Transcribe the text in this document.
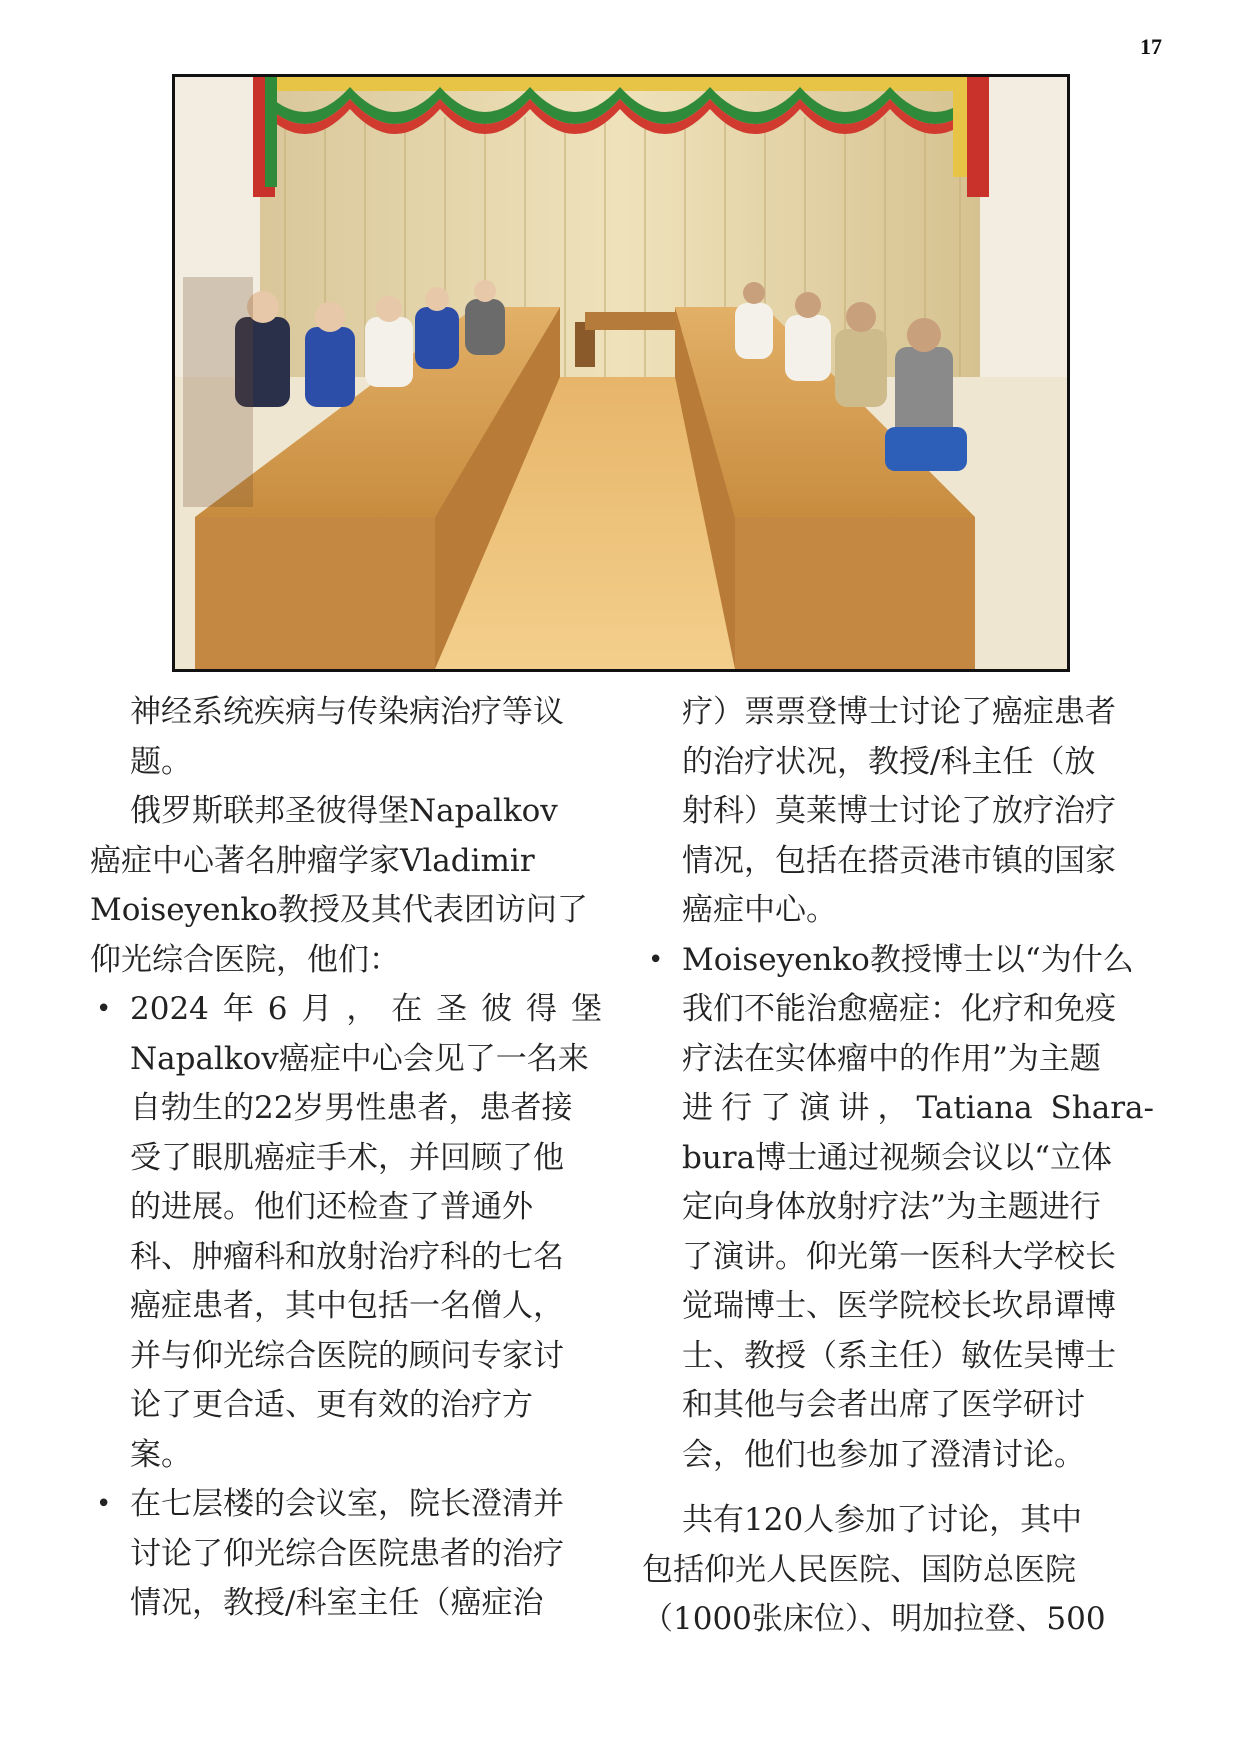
17

神经系统疾病与传染病治疗等议

题。

俄罗斯联邦圣彼得堡Napalkov

癌症中心著名肿瘤学家Vladimir

Moiseyenko教授及其代表团访问了

仰光综合医院，他们：

• 2024年6月，在圣彼得堡

Napalkov癌症中心会见了一名来

自勃生的22岁男性患者，患者接

受了眼肌癌症手术，并回顾了他

的进展。他们还检查了普通外

科、肿瘤科和放射治疗科的七名

癌症患者，其中包括一名僧人，

并与仰光综合医院的顾问专家讨

论了更合适、更有效的治疗方

案。

• 在七层楼的会议室，院长澄清并

讨论了仰光综合医院患者的治疗

情况，教授/科室主任（癌症治

疗）票票登博士讨论了癌症患者

的治疗状况，教授/科主任（放

射科）莫莱博士讨论了放疗治疗

情况，包括在搭贡港市镇的国家

癌症中心。

• Moiseyenko教授博士以“为什么

我们不能治愈癌症：化疗和免疫

疗法在实体瘤中的作用”为主题

进行了演讲，Tatiana Shara-

bura博士通过视频会议以“立体

定向身体放射疗法”为主题进行

了演讲。仰光第一医科大学校长

觉瑞博士、医学院校长坎昂谭博

士、教授（系主任）敏佐吴博士

和其他与会者出席了医学研讨

会，他们也参加了澄清讨论。

共有120人参加了讨论，其中

包括仰光人民医院、国防总医院

（1000张床位）、明加拉登、500
